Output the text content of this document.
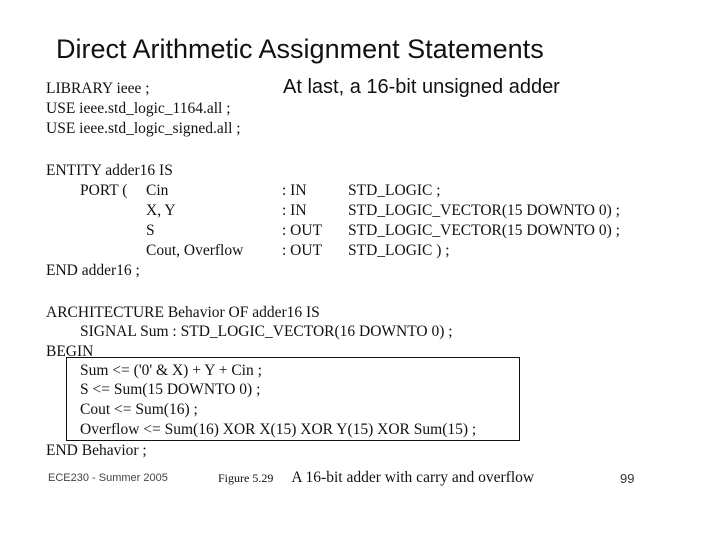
Direct Arithmetic Assignment Statements
At last, a 16-bit unsigned adder
LIBRARY ieee ;
USE ieee.std_logic_1164.all ;
USE ieee.std_logic_signed.all ;
ENTITY adder16 IS
PORT ( Cin	: IN	STD_LOGIC ;
X, Y	: IN	STD_LOGIC_VECTOR(15 DOWNTO 0) ;
S	: OUT STD_LOGIC_VECTOR(15 DOWNTO 0) ;
Cout, Overflow : OUT STD_LOGIC ) ;
END adder16 ;
ARCHITECTURE Behavior OF adder16 IS
SIGNAL Sum : STD_LOGIC_VECTOR(16 DOWNTO 0) ;
BEGIN
Sum <= ('0' & X) + Y + Cin ;
S <= Sum(15 DOWNTO 0) ;
Cout <= Sum(16) ;
Overflow <= Sum(16) XOR X(15) XOR Y(15) XOR Sum(15) ;
END Behavior ;
ECE230 - Summer 2005	Figure 5.29 A 16-bit adder with carry and overflow	99
